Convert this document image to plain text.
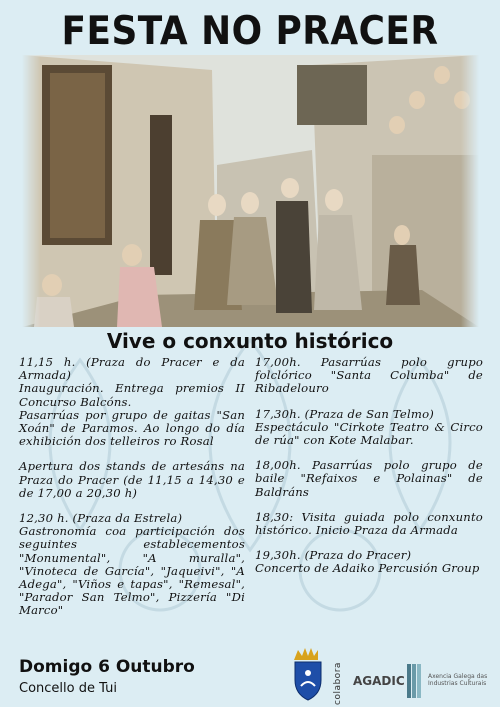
FESTA NO PRACER
Vive o conxunto histórico

11,15 h. (Praza do Pracer e da Armada)

Inauguración. Entrega premios II Concurso Balcóns.

Pasarrúas por grupo de gaitas "San Xoán" de Paramos. Ao longo do día exhibición dos telleiros ro Rosal

Apertura dos stands de artesáns na Praza do Pracer (de 11,15 a 14,30 e de 17,00 a 20,30 h)

12,30 h. (Praza da Estrela)

Gastronomía coa participación dos seguintes establecementos "Monumental", "A muralla", "Vinoteca de García", "Jaqueivi", "A Adega", "Viños e tapas", "Remesal", "Parador San Telmo", Pizzería "Di Marco"

17,00h. Pasarrúas polo grupo folclórico "Santa Columba" de Ribadelouro

17,30h. (Praza de San Telmo)

Espectáculo "Cirkote Teatro & Circo de rúa" con Kote Malabar.

18,00h. Pasarrúas polo grupo de baile "Refaixos e Polainas" de Baldráns

18,30: Visita guiada polo conxunto histórico. Inicio Praza da Armada

19,30h. (Praza do Pracer)

Concerto de Adaiko Percusión Group

Domigo 6 Outubro
Concello de Tui	colabora AGADIC	Axencia Galega das Industrias Culturais
